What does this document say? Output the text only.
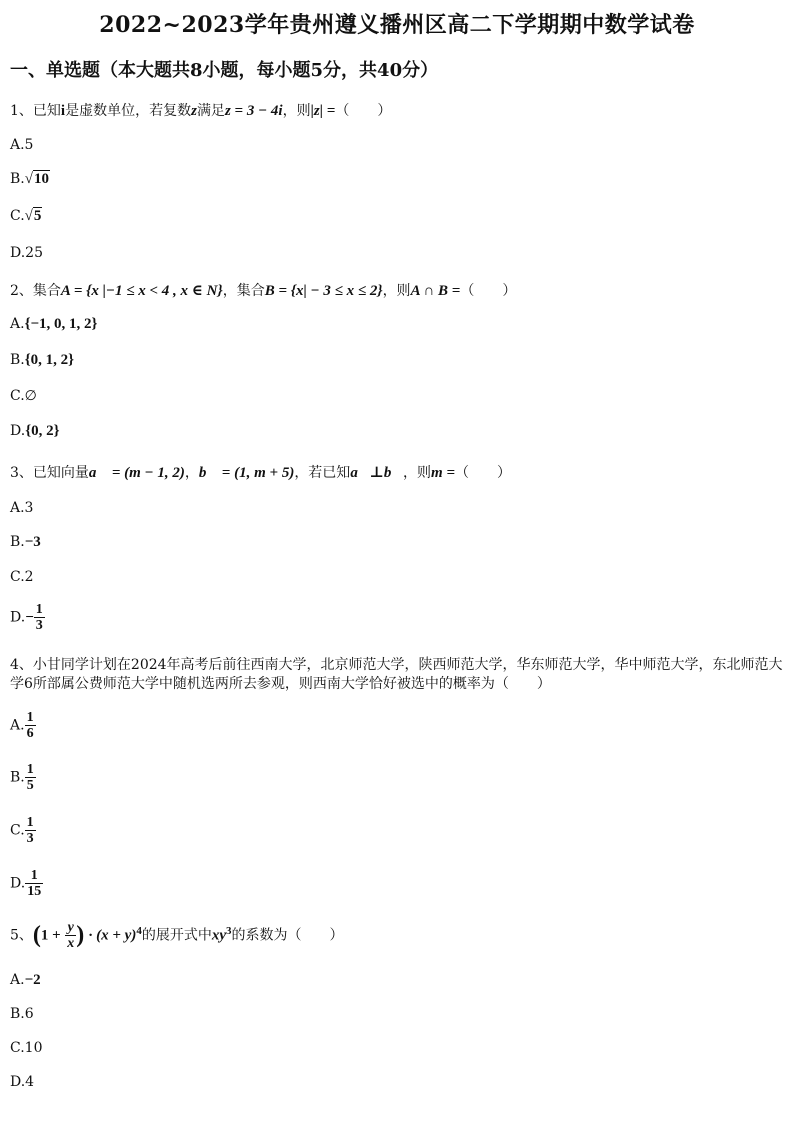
2022~2023学年贵州遵义播州区高二下学期期中数学试卷
一、单选题（本大题共8小题，每小题5分，共40分）
1、已知i是虚数单位，若复数z满足z = 3 − 4i，则|z| =（　　）
A.5
B.√10
C.√5
D.25
2、集合A = {x |−1 ≤ x < 4 , x ∈ N}，集合B = {x| − 3 ≤ x ≤ 2}，则A ∩ B =（　　）
A.{−1, 0, 1, 2}
B.{0, 1, 2}
C.∅
D.{0, 2}
3、已知向量a⃗ = (m − 1, 2)，b⃗ = (1, m + 5)，若已知a⃗⊥b⃗，则m =（　　）
A.3
B.−3
C.2
$D.- \frac{1}{3}$
4、小甘同学计划在2024年高考后前往西南大学，北京师范大学，陕西师范大学，华东师范大学，华中师范大学，东北师范大学6所部属公费师范大学中随机选两所去参观，则西南大学恰好被选中的概率为（　　）
A. $\frac{1}{6}$
B. $\frac{1}{5}$
C. $\frac{1}{3}$
D. $\frac{1}{15}$
5、($1 + \frac{y}{x}$ ) · $(x + y)^4$的展开式中$xy^3$的系数为（　　）
A.−2
B.6
C.10
D.4
